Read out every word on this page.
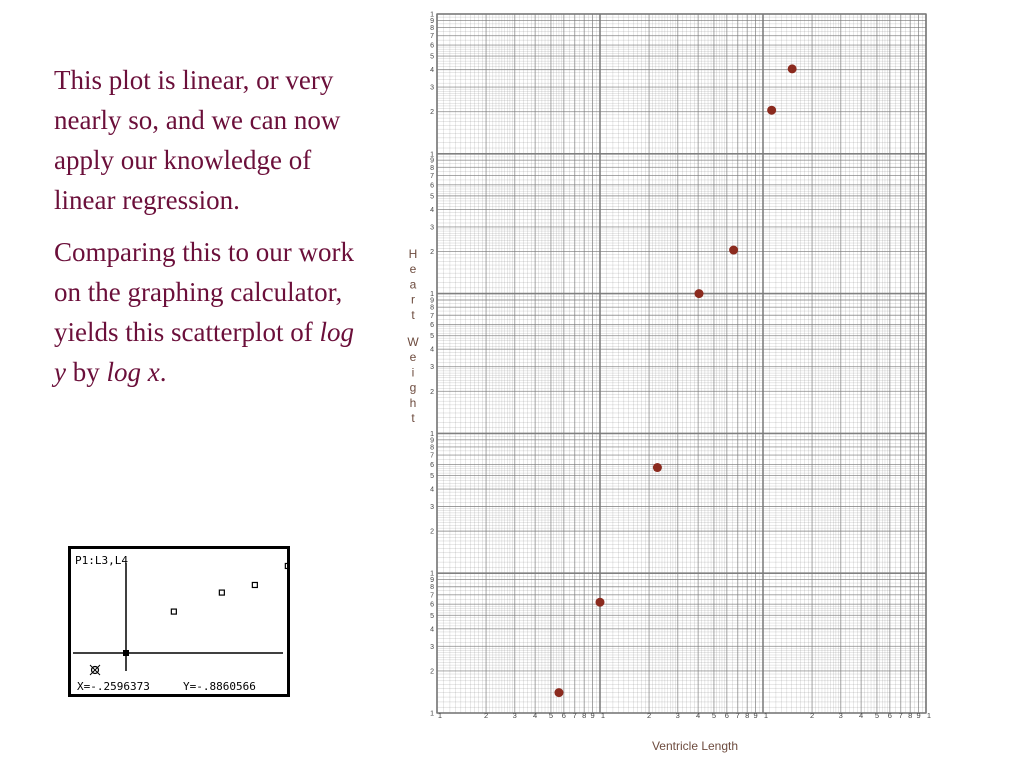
This plot is linear, or very nearly so, and we can now apply our knowledge of linear regression.

Comparing this to our work on the graphing calculator, yields this scatterplot of log y by log x.

P1:L3,L4
X=-.2596373	Y=-.8860566
1	2	3 4 5 6 7 8 9 1	2	3 4 5 6 7 8 9 1	2	3 4 5 6 7 8 9 1
1
2
3
4
5
6
7
8
9
1
2
3
4
5
6
7
8
9
1
2
3
4
5
6
7
8
9
1
2
3
4
5
6
7
8
9
1
2
3
4
5
6
7
8
9
1
Ventricle Length
H
e
a
r
t
W
e
i
g
h
t
